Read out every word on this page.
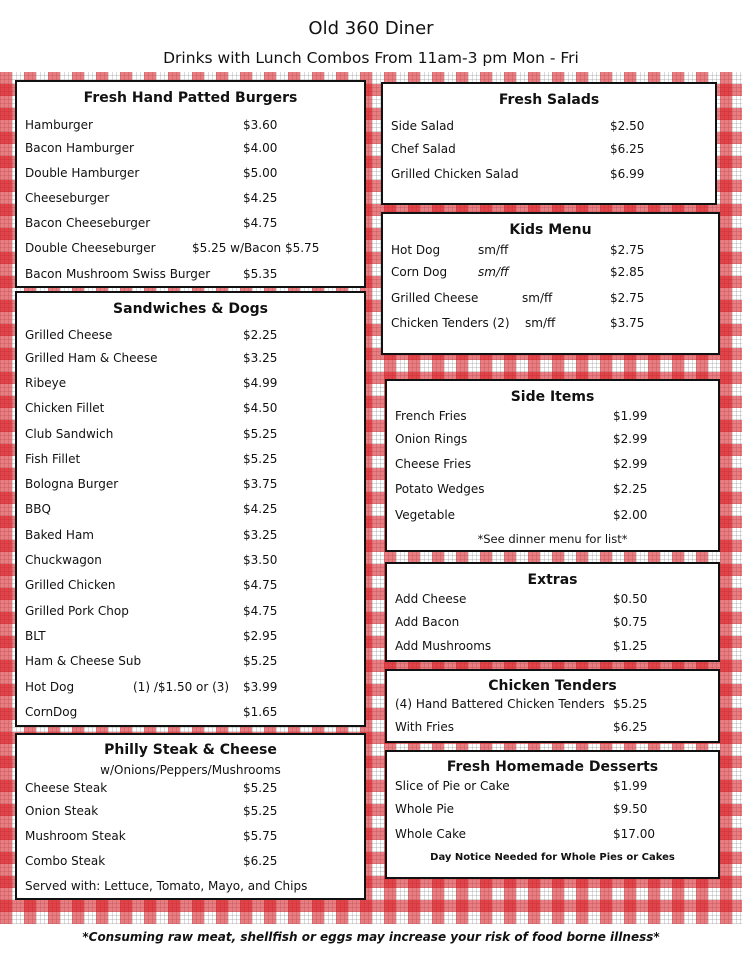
Old 360 Diner
Drinks with Lunch Combos From 11am-3 pm Mon - Fri
Fresh Hand Patted Burgers
Hamburger	$3.60
Bacon Hamburger	$4.00
Double Hamburger	$5.00
Cheeseburger	$4.25
Bacon Cheeseburger	$4.75
Double Cheeseburger	$5.25 w/Bacon $5.75
Bacon Mushroom Swiss Burger	$5.35
Sandwiches & Dogs
Grilled Cheese	$2.25
Grilled Ham & Cheese	$3.25
Ribeye	$4.99
Chicken Fillet	$4.50
Club Sandwich	$5.25
Fish Fillet	$5.25
Bologna Burger	$3.75
BBQ	$4.25
Baked Ham	$3.25
Chuckwagon	$3.50
Grilled Chicken	$4.75
Grilled Pork Chop	$4.75
BLT	$2.95
Ham & Cheese Sub	$5.25
Hot Dog	(1) /$1.50 or (3) $3.99
CornDog	$1.65
Philly Steak & Cheese
w/Onions/Peppers/Mushrooms
Cheese Steak	$5.25
Onion Steak	$5.25
Mushroom Steak	$5.75
Combo Steak	$6.25
Served with: Lettuce, Tomato, Mayo, and Chips
Fresh Salads
Side Salad	$2.50
Chef Salad	$6.25
Grilled Chicken Salad	$6.99
Kids Menu
Hot Dog	sm/ff	$2.75
Corn Dog	sm/ff	$2.85
Grilled Cheese	sm/ff	$2.75
Chicken Tenders (2) sm/ff	$3.75
Side Items
French Fries	$1.99
Onion Rings	$2.99
Cheese Fries	$2.99
Potato Wedges	$2.25
Vegetable	$2.00
*See dinner menu for list*
Extras
Add Cheese	$0.50
Add Bacon	$0.75
Add Mushrooms	$1.25
Chicken Tenders
(4) Hand Battered Chicken Tenders $5.25
With Fries	$6.25
Fresh Homemade Desserts
Slice of Pie or Cake	$1.99
Whole Pie	$9.50
Whole Cake	$17.00
Day Notice Needed for Whole Pies or Cakes
*Consuming raw meat, shellfish or eggs may increase your risk of food borne illness*
